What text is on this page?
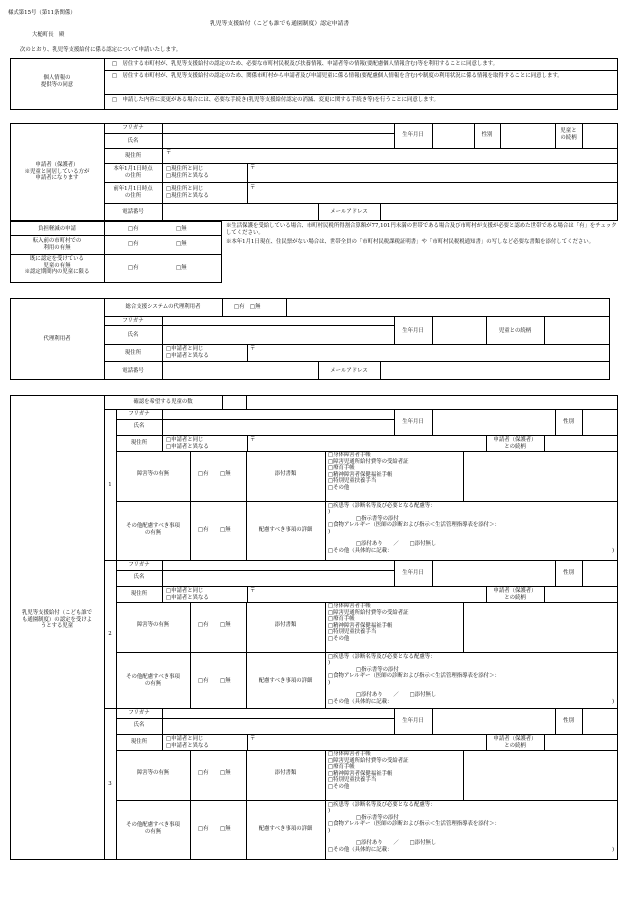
様式第15号（第11条関係）
乳児等支援給付（こども誰でも通園制度）認定申請書
大槌町長　殿
次のとおり、乳児等支援給付に係る認定について申請いたします。
個人情報の
提供等の同意
□　居住する市町村が、乳児等支援給付の認定のため、必要な市町村民税及び扶養情報、申請者等の情報(要配慮個人情報含む)等を利用することに同意します。
□　居住する市町村が、乳児等支援給付の認定のため、関係市町村から申請者及び申請児童に係る情報(要配慮個人情報を含む)や制度の利用状況に係る情報を取得することに同意します。
□　申請した内容に変更がある場合には、必要な手続き(乳児等支援給付認定の消滅、変更に関する手続き等)を行うことに同意します。
申請者（保護者）
※児童と同居している方が
申請者になります
フリガナ
氏名
生年月日	性別
児童と
の続柄
現住所	〒
本年1月1日時点
の住所
□現住所と同じ
□現住所と異なる
〒
前年1月1日時点
の住所
□現住所と同じ
□現住所と異なる
〒
電話番号	メールアドレス
負担軽減の申請	□有	□無
転入前の市町村での
利用の有無
□有	□無
既に認定を受けている
児童の有無
※認定期間内の児童に限る
□有	□無
※生活保護を受給している場合、市町村民税所得割合算額が77,101円未満の世帯である場合及び市町村が支援が必要と認めた世帯である場合は「有」をチェックしてください。
※本年1月1日現在、住民票がない場合は、世帯全員の「市町村民税課税証明書」や「市町村民税税通知書」の写しなど必要な書類を添付してください。
代理利用者
総合支援システムの代理利用者	□有　□無
フリガナ
氏名
生年月日	児童との続柄
現住所
□申請者と同じ
□申請者と異なる
〒
電話番号	メールアドレス
乳児等支援給付（こども誰で
も通園制度）の認定を受けよ
うとする児童
確認を希望する児童の数
1
フリガナ
氏名
生年月日	性別
現住所	□申請者と同じ
□申請者と異なる
〒	申請者（保護者）
との続柄
障害等の有無	□有 □無	添付書類
□身体障害者手帳
□障害児通所給付費等の受給者証
□療育手帳
□精神障害者保健福祉手帳
□特別児童扶養手当
□その他
その他配慮すべき事項
の有無	□有 □無	配慮すべき事項の詳細
□疾患等（診断名等及び必要となる配慮等：
)
□指示書等の添付
□食物アレルギー（医師の診断および指示＜生活管理指導表を添付＞：
)
□添付あり　　／　　□添付無し
□その他（具体的に記載：	)
2
フリガナ
氏名
生年月日	性別
現住所	□申請者と同じ
□申請者と異なる
〒	申請者（保護者）
との続柄
障害等の有無	□有 □無	添付書類
□身体障害者手帳
□障害児通所給付費等の受給者証
□療育手帳
□精神障害者保健福祉手帳
□特別児童扶養手当
□その他
その他配慮すべき事項
の有無	□有 □無	配慮すべき事項の詳細
□疾患等（診断名等及び必要となる配慮等：
)
□指示書等の添付
□食物アレルギー（医師の診断および指示＜生活管理指導表を添付＞：
)
□添付あり　　／　　□添付無し
□その他（具体的に記載：	)
3
フリガナ
氏名
生年月日	性別
現住所	□申請者と同じ
□申請者と異なる
〒	申請者（保護者）
との続柄
障害等の有無	□有 □無	添付書類
□身体障害者手帳
□障害児通所給付費等の受給者証
□療育手帳
□精神障害者保健福祉手帳
□特別児童扶養手当
□その他
その他配慮すべき事項
の有無	□有 □無	配慮すべき事項の詳細
□疾患等（診断名等及び必要となる配慮等：
)
□指示書等の添付
□食物アレルギー（医師の診断および指示＜生活管理指導表を添付＞：
)
□添付あり　　／　　□添付無し
□その他（具体的に記載：	)
